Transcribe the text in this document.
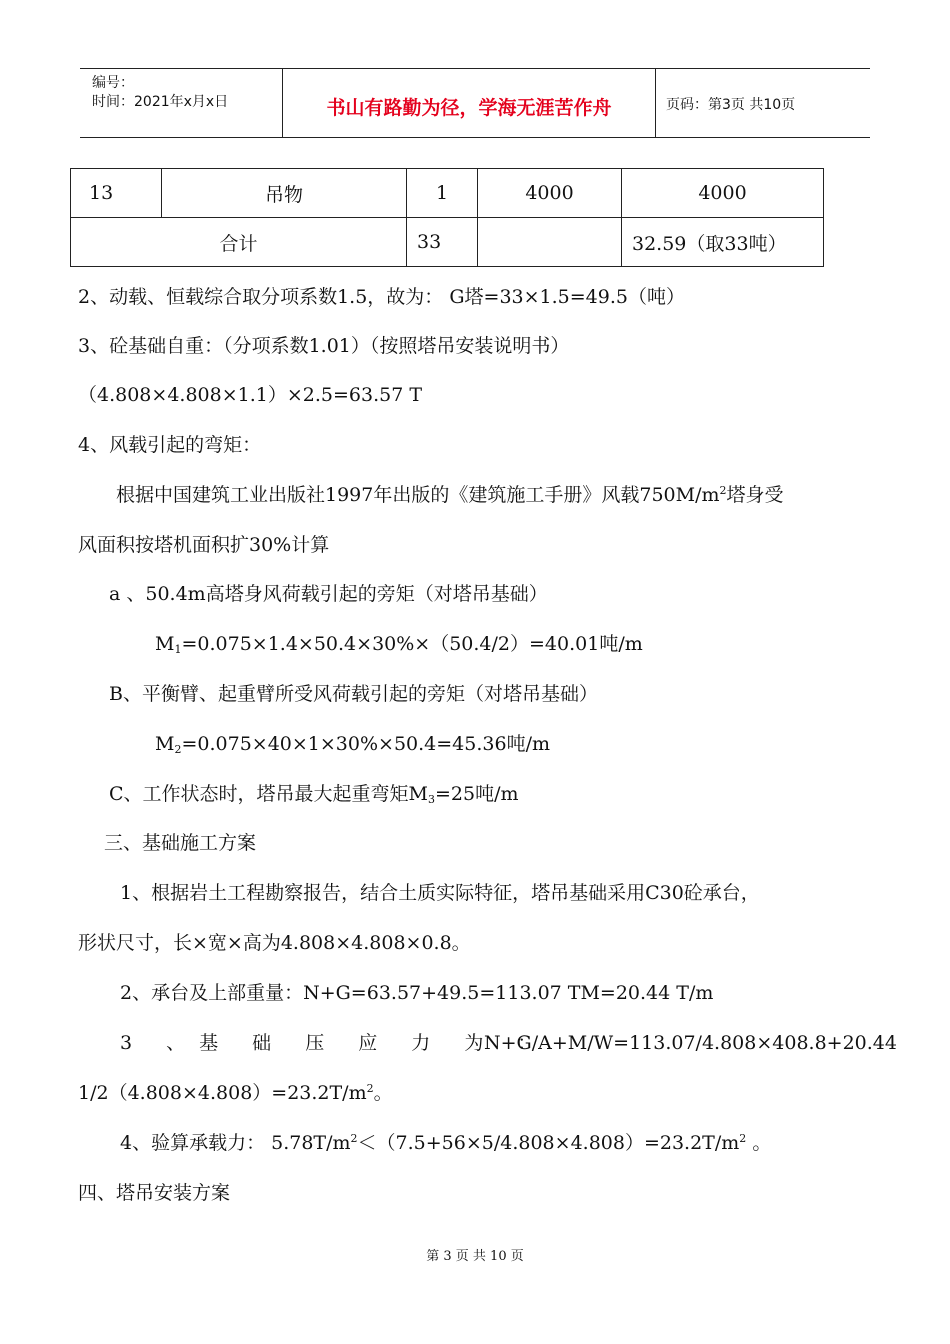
编号：
时间：2021年x月x日	书山有路勤为径，学海无涯苦作舟	页码：第3页 共10页
13	吊物	1	4000	4000
合计		33		32.59（取33吨）
2、动载、恒载综合取分项系数1.5，故为： G塔=33×1.5=49.5（吨）
3、砼基础自重：（分项系数1.01）（按照塔吊安装说明书）
（4.808×4.808×1.1）×2.5=63.57 T
4、风载引起的弯矩：
根据中国建筑工业出版社1997年出版的《建筑施工手册》风载$750M/m^2$塔身受
风面积按塔机面积扩30%计算
a 、50.4m高塔身风荷载引起的旁矩（对塔吊基础）
$M_1=0.075\times 1.4\times 50.4\times 30\%\times(50.4/2)=40.01$吨/m
B、平衡臂、起重臂所受风荷载引起的旁矩（对塔吊基础）
$M_2=0.075\times 40\times 1\times 30\%\times 50.4=45.36$吨/m
C、工作状态时，塔吊最大起重弯矩$M_3=25$吨/m
三、基础施工方案
1、根据岩土工程勘察报告，结合土质实际特征，塔吊基础采用C30砼承台，
形状尺寸，长×宽×高为4.808×4.808×0.8。
2、承台及上部重量：N+G=63.57+49.5=113.07 TM=20.44 T/m
3 、基 础 压 应 力 为 ：
N+G/A+M/W=113.07/4.808×408.8+20.44
$1/2(4.808\times 4.808)=23.2T/m^2$。
4、验算承载力： $5.78T/m^2<(7.5+56\times 5/4.808\times 4.808)=23.2T/m^2$ 。
四、塔吊安装方案
第 3 页 共 10 页
